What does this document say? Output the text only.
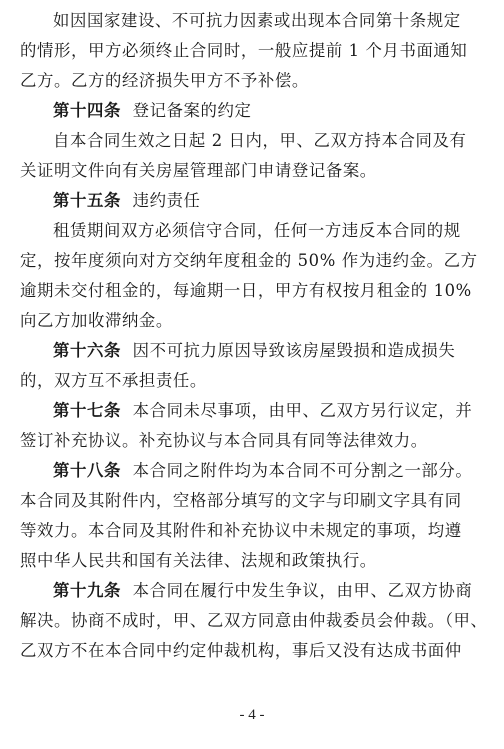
如因国家建设、不可抗力因素或出现本合同第十条规定
的情形，甲方必须终止合同时，一般应提前 1 个月书面通知
乙方。乙方的经济损失甲方不予补偿。
第十四条  登记备案的约定
自本合同生效之日起 2 日内，甲、乙双方持本合同及有
关证明文件向有关房屋管理部门申请登记备案。
第十五条  违约责任
租赁期间双方必须信守合同，任何一方违反本合同的规
定，按年度须向对方交纳年度租金的 50% 作为违约金。乙方
逾期未交付租金的，每逾期一日，甲方有权按月租金的 10%
向乙方加收滞纳金。
第十六条  因不可抗力原因导致该房屋毁损和造成损失
的，双方互不承担责任。
第十七条  本合同未尽事项，由甲、乙双方另行议定，并
签订补充协议。补充协议与本合同具有同等法律效力。
第十八条  本合同之附件均为本合同不可分割之一部分。
本合同及其附件内，空格部分填写的文字与印刷文字具有同
等效力。本合同及其附件和补充协议中未规定的事项，均遵
照中华人民共和国有关法律、法规和政策执行。
第十九条  本合同在履行中发生争议，由甲、乙双方协商
解决。协商不成时，甲、乙双方同意由仲裁委员会仲裁。（甲、
乙双方不在本合同中约定仲裁机构，事后又没有达成书面仲
- 4 -
